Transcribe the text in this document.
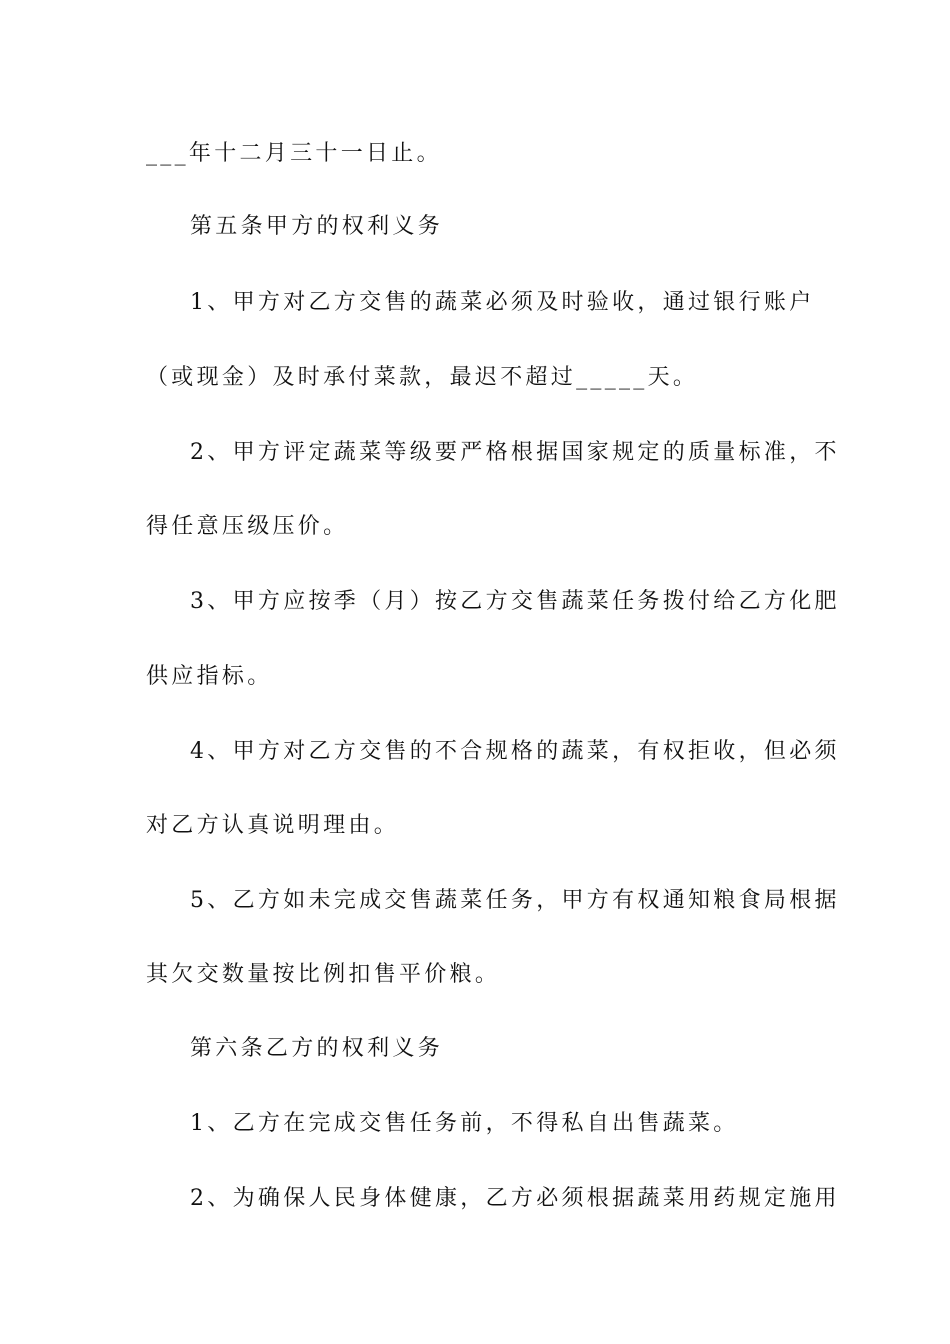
___年十二月三十一日止。

第五条甲方的权利义务

1、甲方对乙方交售的蔬菜必须及时验收，通过银行账户

（或现金）及时承付菜款，最迟不超过_____天。

2、甲方评定蔬菜等级要严格根据国家规定的质量标准，不

得任意压级压价。

3、甲方应按季（月）按乙方交售蔬菜任务拨付给乙方化肥

供应指标。

4、甲方对乙方交售的不合规格的蔬菜，有权拒收，但必须

对乙方认真说明理由。

5、乙方如未完成交售蔬菜任务，甲方有权通知粮食局根据

其欠交数量按比例扣售平价粮。

第六条乙方的权利义务

1、乙方在完成交售任务前，不得私自出售蔬菜。

2、为确保人民身体健康，乙方必须根据蔬菜用药规定施用
